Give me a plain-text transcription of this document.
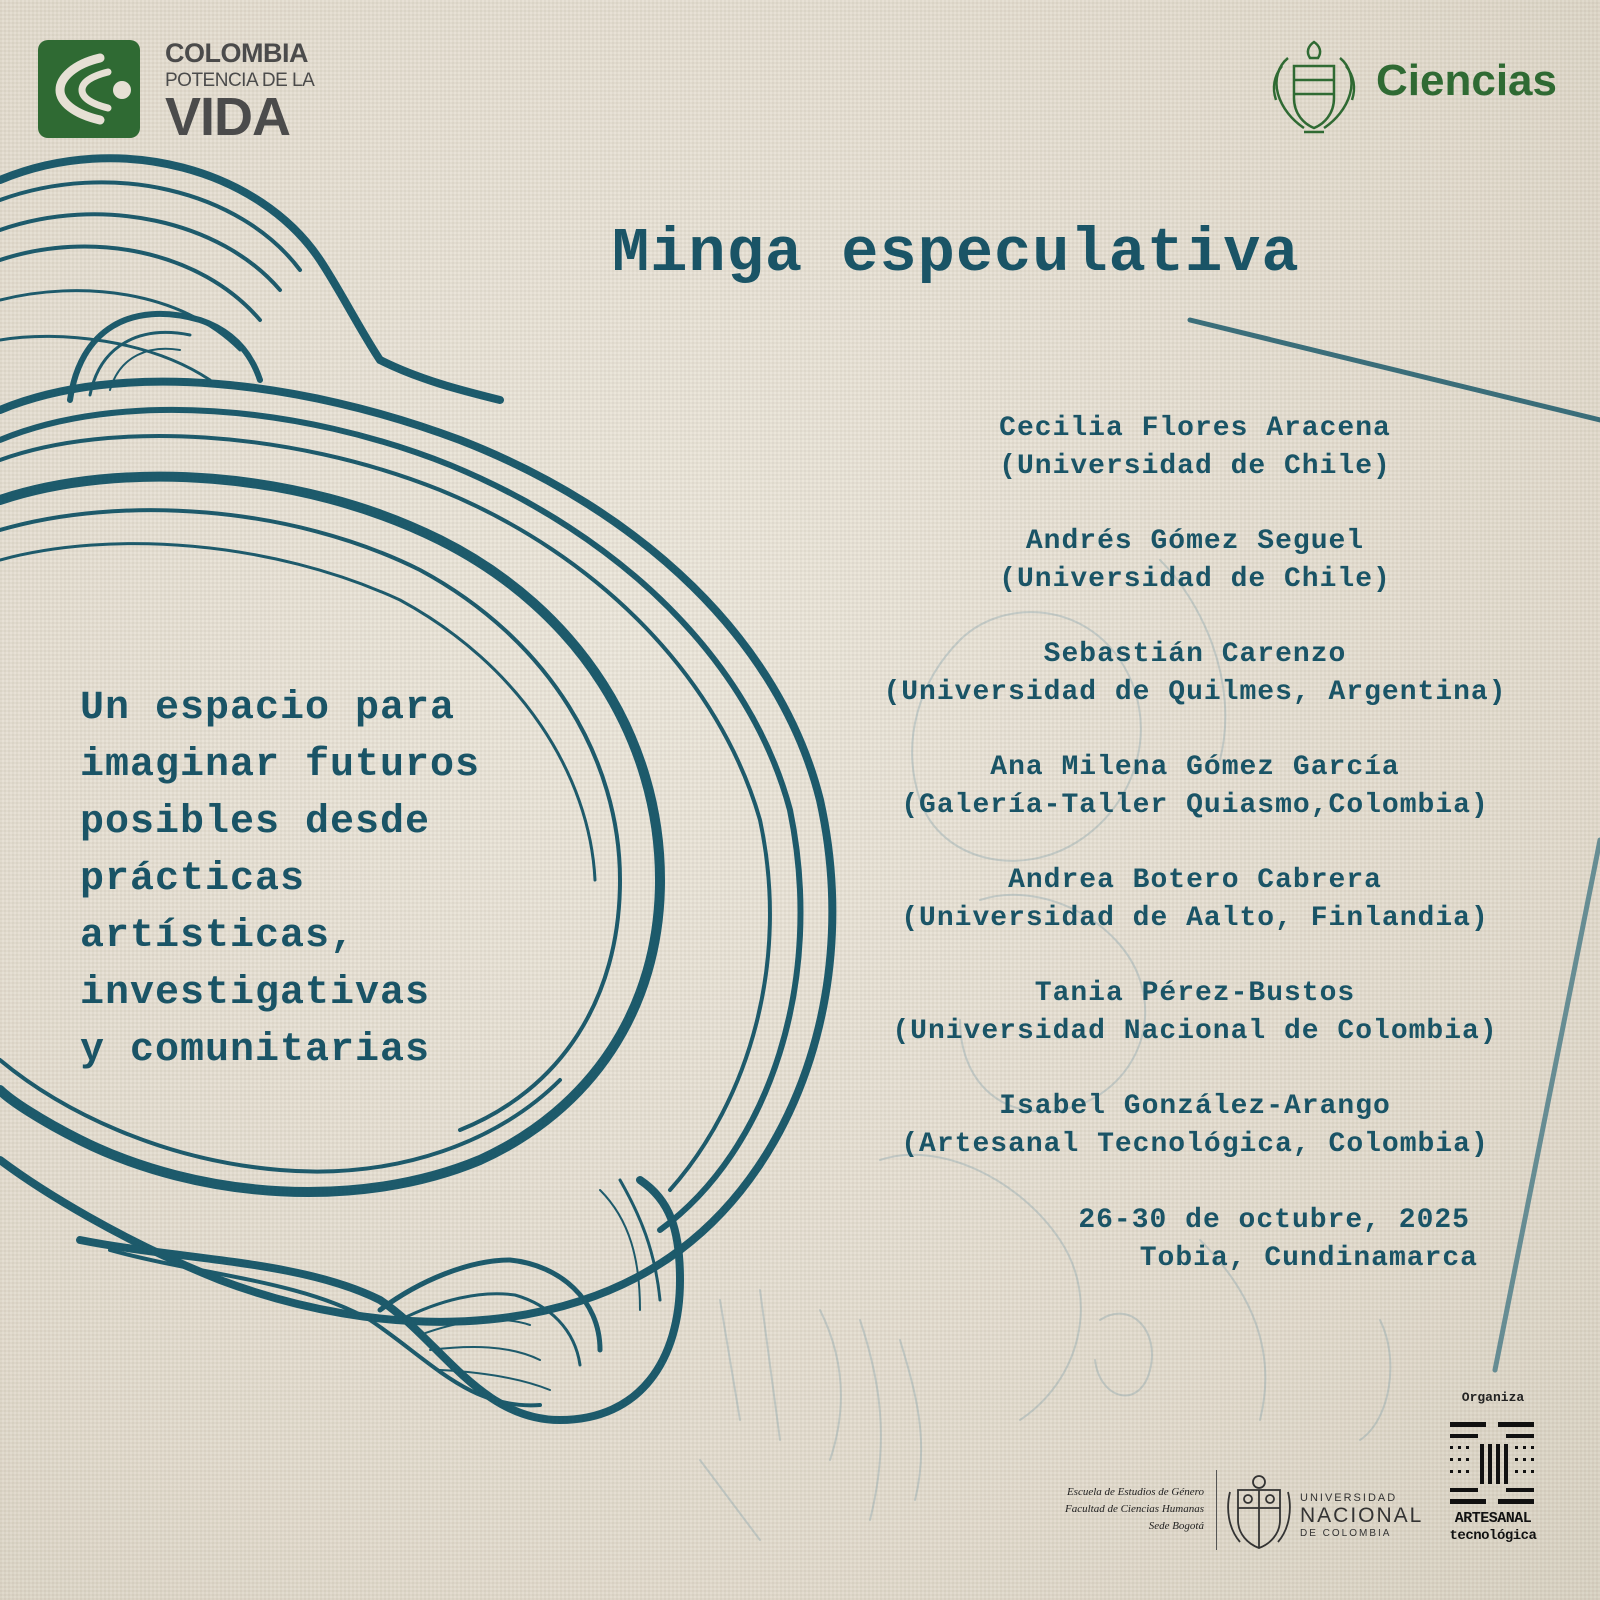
COLOMBIA
POTENCIA DE LA
VIDA
Ciencias
Minga especulativa
Un espacio para
imaginar futuros
posibles desde
prácticas
artísticas,
investigativas
y comunitarias
Cecilia Flores Aracena
(Universidad de Chile)
Andrés Gómez Seguel
(Universidad de Chile)
Sebastián Carenzo
(Universidad de Quilmes, Argentina)
Ana Milena Gómez García
(Galería-Taller Quiasmo,Colombia)
Andrea Botero Cabrera
(Universidad de Aalto, Finlandia)
Tania Pérez-Bustos
(Universidad Nacional de Colombia)
Isabel González-Arango
(Artesanal Tecnológica, Colombia)
26-30 de octubre, 2025
Tobia, Cundinamarca
Escuela de Estudios de Género
Facultad de Ciencias Humanas
Sede Bogotá
UNIVERSIDAD
NACIONAL
DE COLOMBIA
Organiza
ARTESANAL
tecnológica
